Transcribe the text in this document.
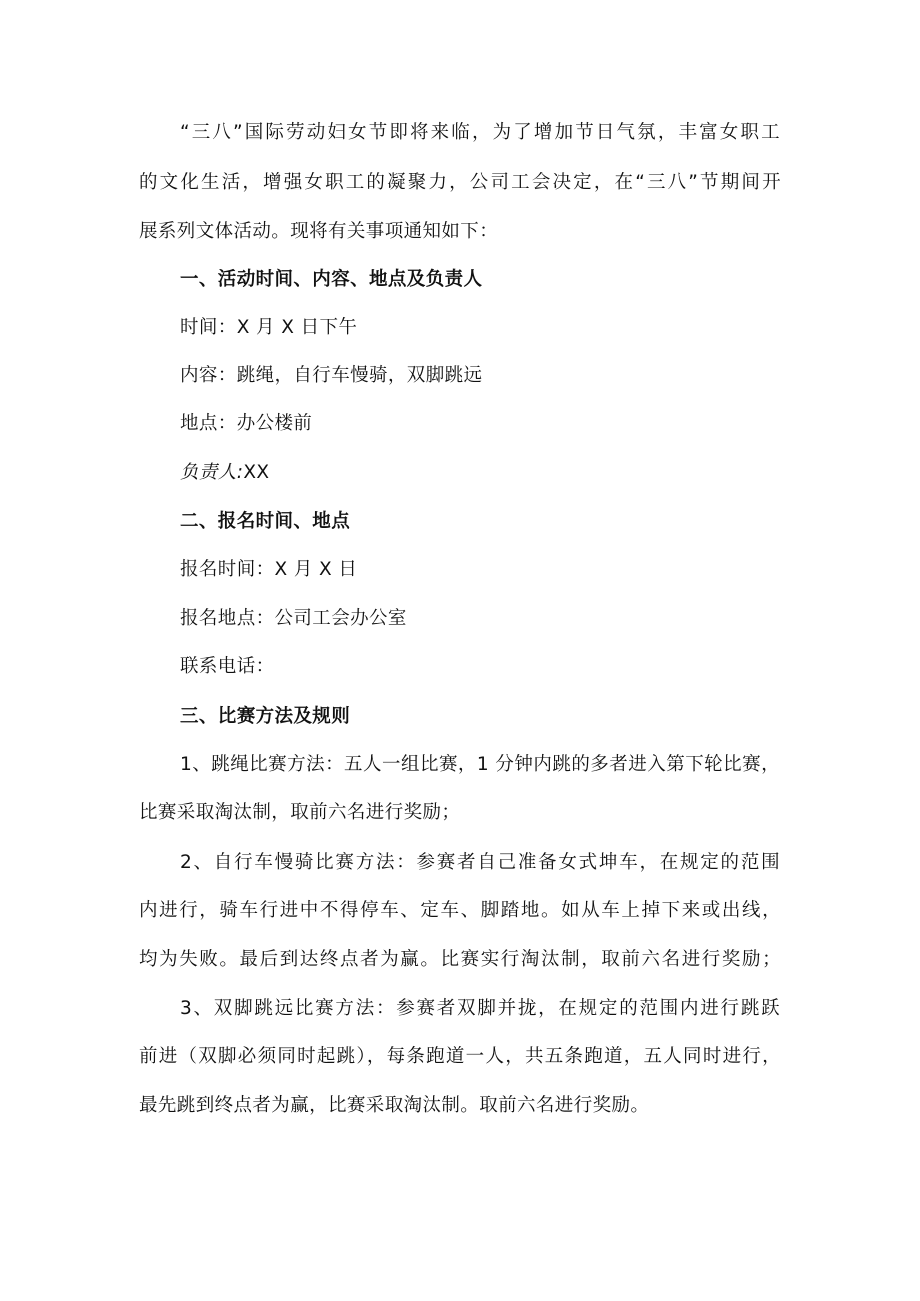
“三八”国际劳动妇女节即将来临，为了增加节日气氛，丰富女职工
的文化生活，增强女职工的凝聚力，公司工会决定，在“三八”节期间开
展系列文体活动。现将有关事项通知如下：
一、活动时间、内容、地点及负责人
时间：X 月 X 日下午
内容：跳绳，自行车慢骑，双脚跳远
地点：办公楼前
负责人:XX
二、报名时间、地点
报名时间：X 月 X 日
报名地点：公司工会办公室
联系电话：
三、比赛方法及规则
1、跳绳比赛方法：五人一组比赛，1 分钟内跳的多者进入第下轮比赛，
比赛采取淘汰制，取前六名进行奖励；
2、自行车慢骑比赛方法：参赛者自己准备女式坤车，在规定的范围
内进行，骑车行进中不得停车、定车、脚踏地。如从车上掉下来或出线，
均为失败。最后到达终点者为赢。比赛实行淘汰制，取前六名进行奖励；
3、双脚跳远比赛方法：参赛者双脚并拢，在规定的范围内进行跳跃
前进（双脚必须同时起跳），每条跑道一人，共五条跑道，五人同时进行，
最先跳到终点者为赢，比赛采取淘汰制。取前六名进行奖励。
